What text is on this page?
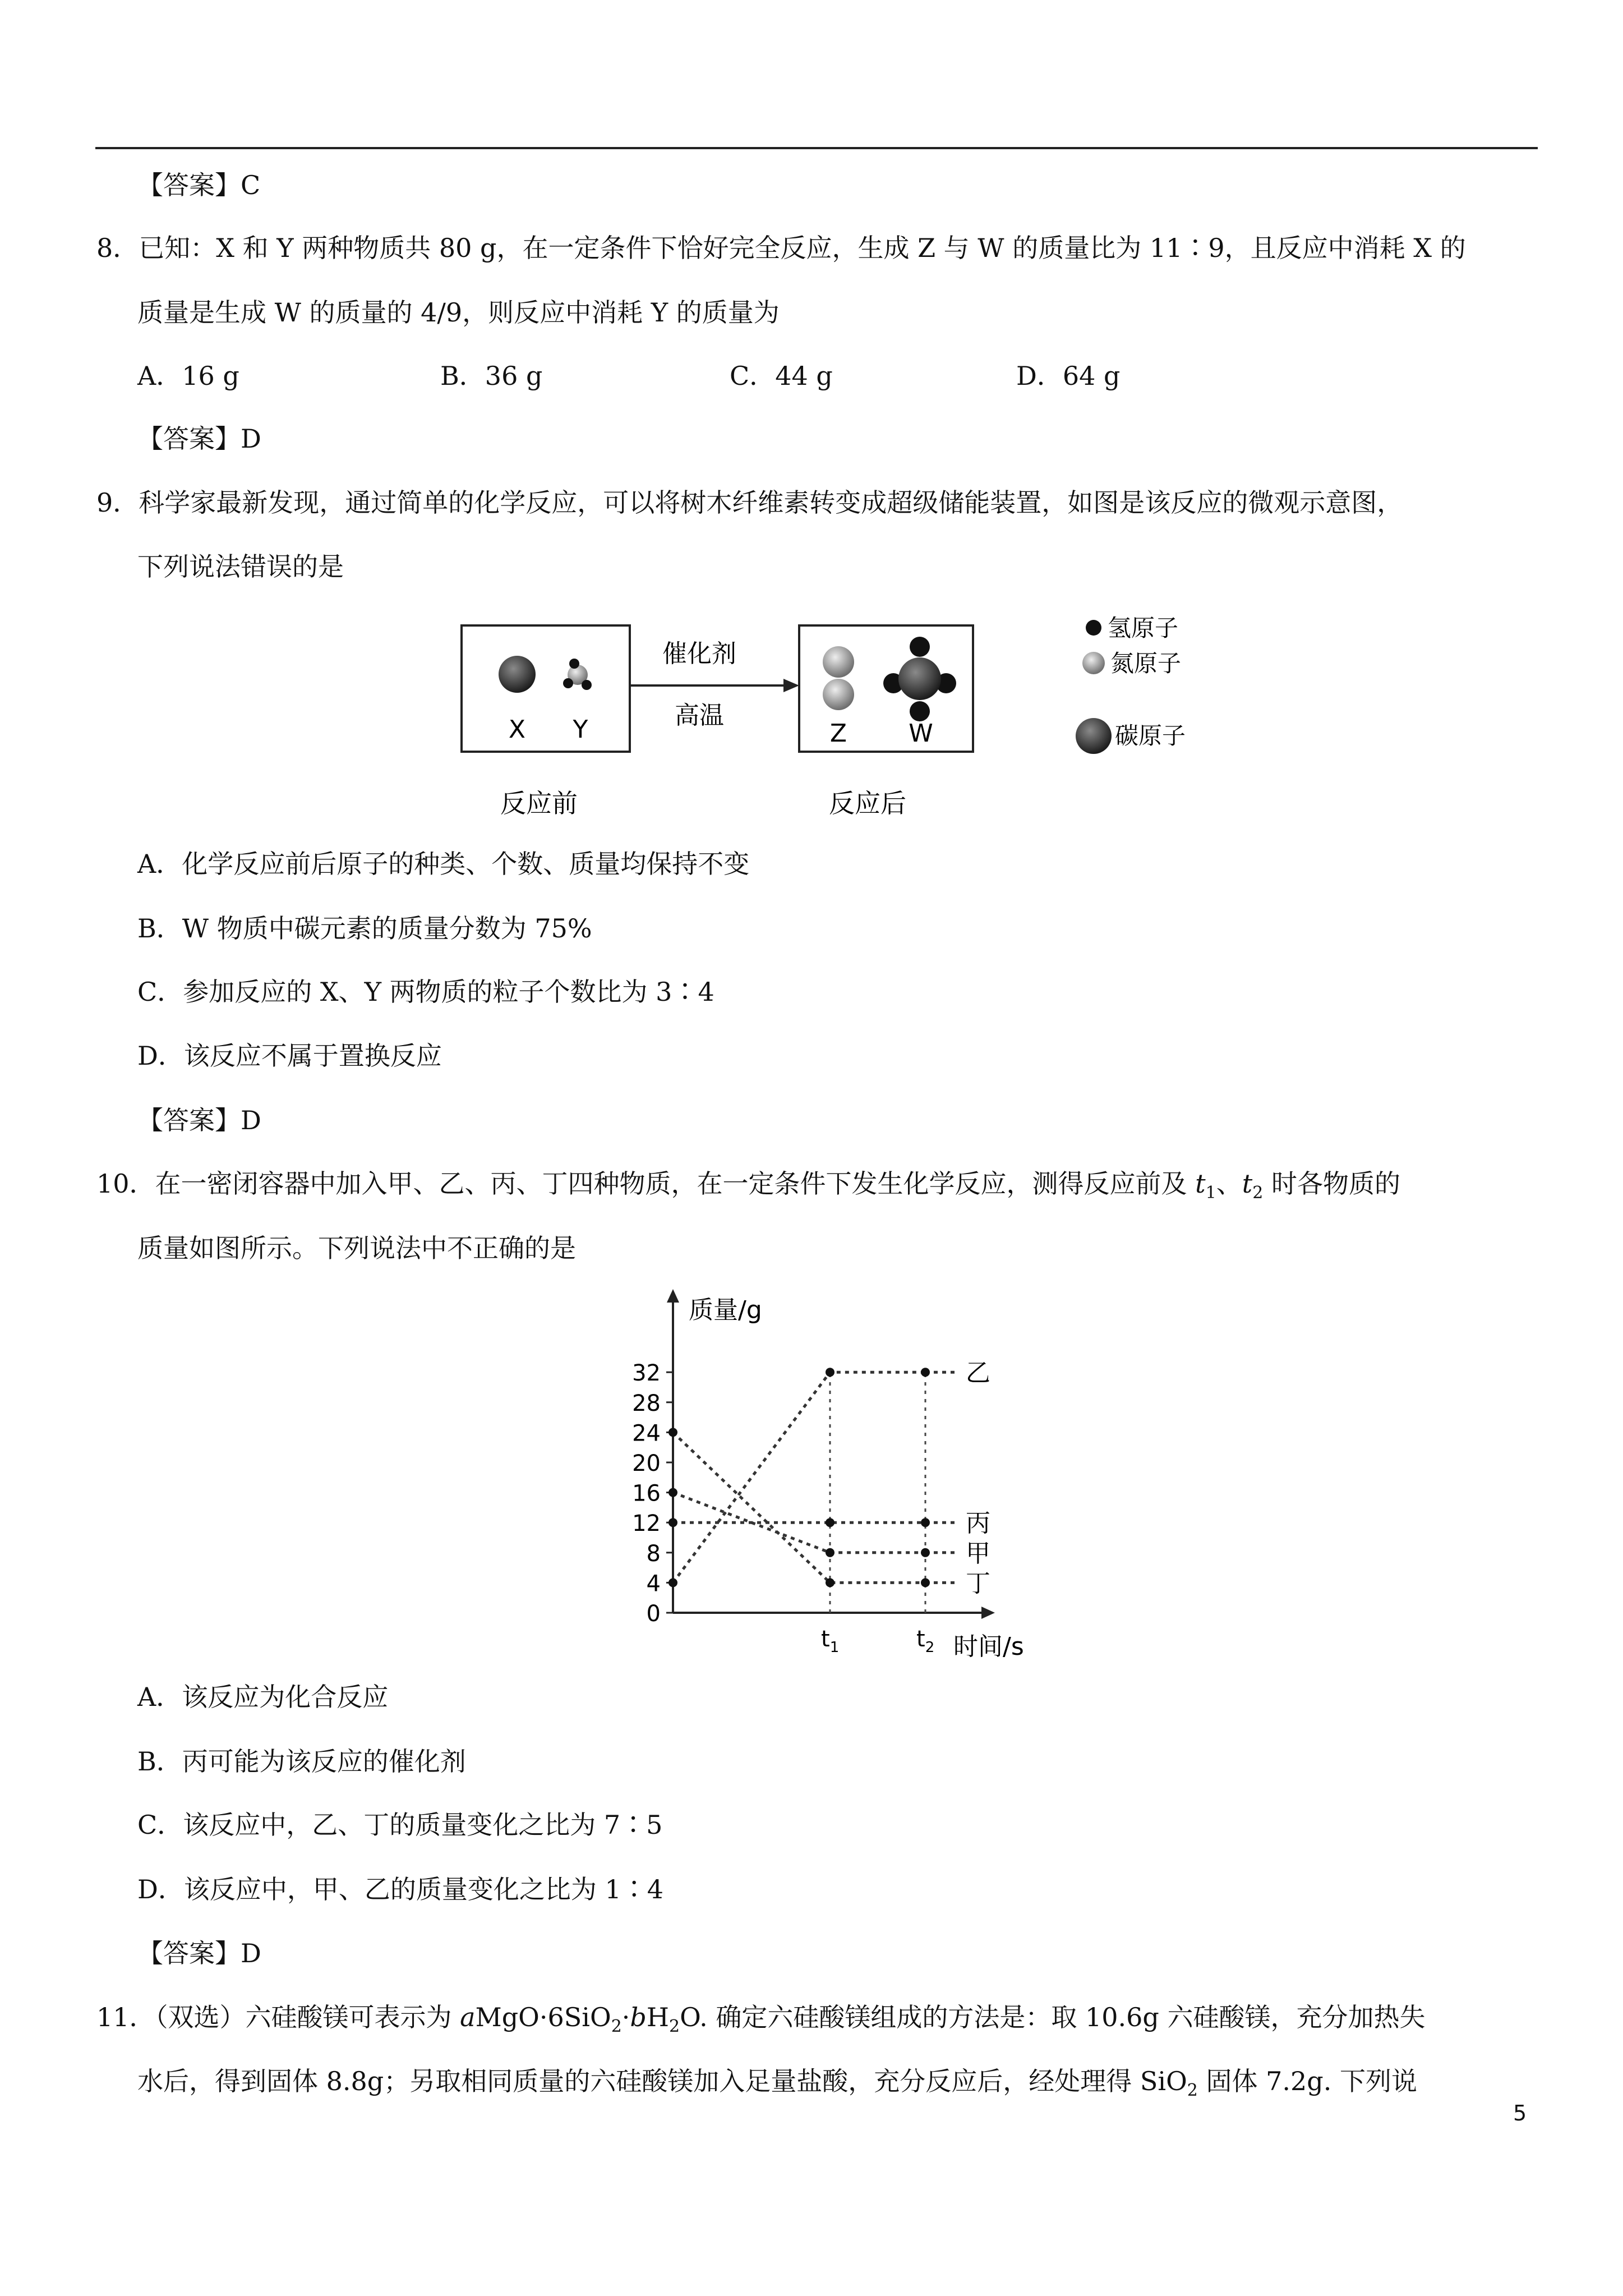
【答案】C
8．已知：X 和 Y 两种物质共 80 g，在一定条件下恰好完全反应，生成 Z 与 W 的质量比为 11∶9，且反应中消耗 X 的
质量是生成 W 的质量的 4/9，则反应中消耗 Y 的质量为
A．16 g	B．36 g	C．44 g	D．64 g
【答案】D
9．科学家最新发现，通过简单的化学反应，可以将树木纤维素转变成超级储能装置，如图是该反应的微观示意图，
下列说法错误的是
X Y
催化剂
高温
Z	W
反应前	反应后
氢原子
氮原子
碳原子
A．化学反应前后原子的种类、个数、质量均保持不变
B．W 物质中碳元素的质量分数为 75%
C．参加反应的 X、Y 两物质的粒子个数比为 3∶4
D．该反应不属于置换反应
【答案】D
10．在一密闭容器中加入甲、乙、丙、丁四种物质，在一定条件下发生化学反应，测得反应前及 $t_1$、$t_2$ 时各物质的
质量如图所示。下列说法中不正确的是
质量/g
时间/s
0
4
8
12
16
20
24
28
32
$t_1$	$t_2$
乙
丙
甲
丁
A．该反应为化合反应
B．丙可能为该反应的催化剂
C．该反应中，乙、丁的质量变化之比为 7∶5
D．该反应中，甲、乙的质量变化之比为 1∶4
【答案】D
11．（双选）六硅酸镁可表示为 $aMgO\cdot 6SiO_2\cdot bH_2O$. 确定六硅酸镁组成的方法是：取 10.6g 六硅酸镁，充分加热失
水后，得到固体 8.8g；另取相同质量的六硅酸镁加入足量盐酸，充分反应后，经处理得 SiO$_2$ 固体 7.2g. 下列说
5
